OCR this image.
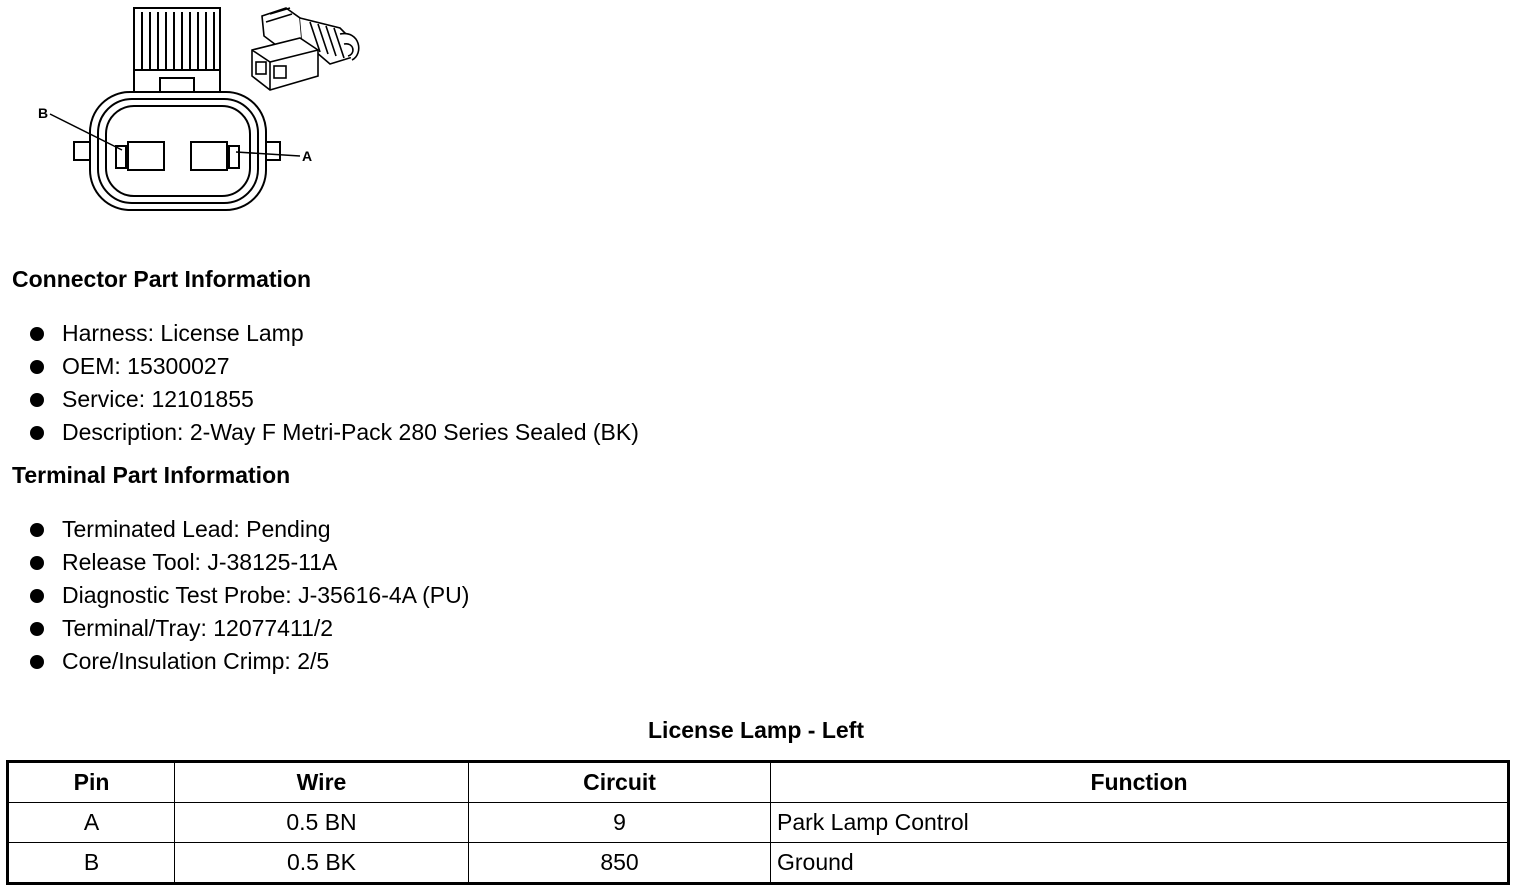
B
A
Connector Part Information
Harness: License Lamp
OEM: 15300027
Service: 12101855
Description: 2-Way F Metri-Pack 280 Series Sealed (BK)
Terminal Part Information
Terminated Lead: Pending
Release Tool: J-38125-11A
Diagnostic Test Probe: J-35616-4A (PU)
Terminal/Tray: 12077411/2
Core/Insulation Crimp: 2/5
License Lamp - Left
Pin	Wire	Circuit	Function
A	0.5 BN	9	Park Lamp Control
B	0.5 BK	850	Ground
